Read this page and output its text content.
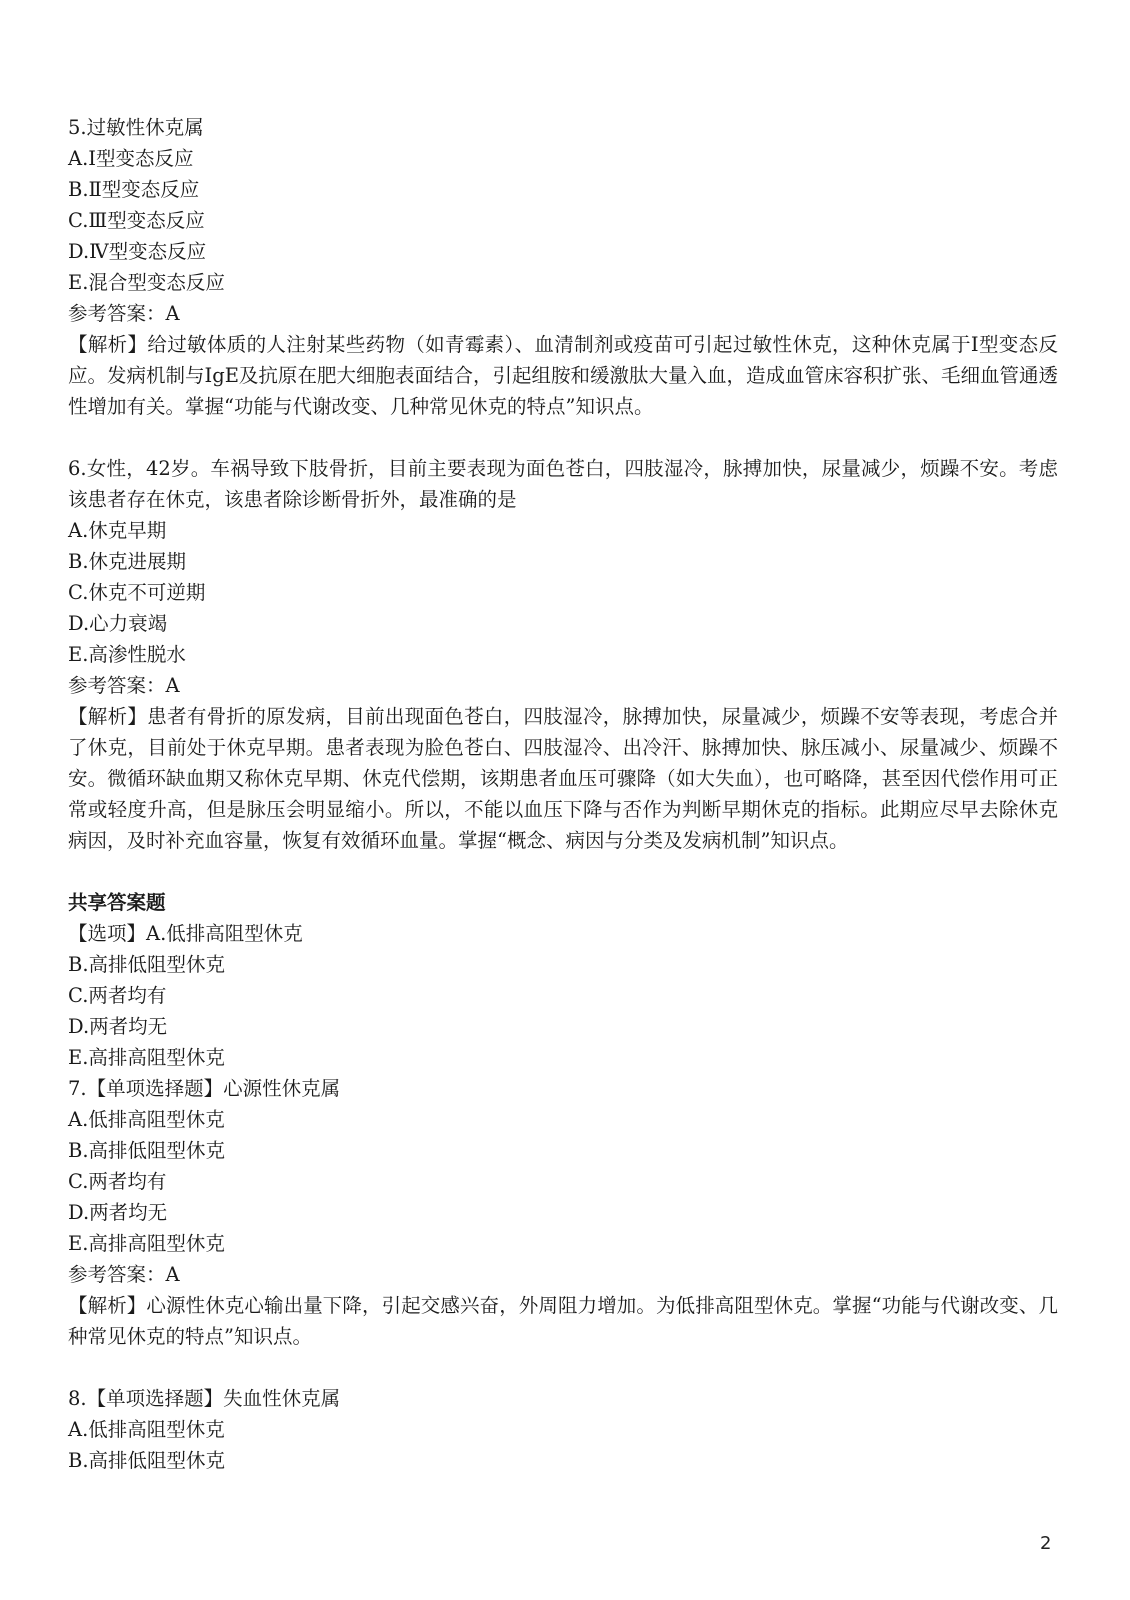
5.过敏性休克属

A.Ⅰ型变态反应

B.Ⅱ型变态反应

C.Ⅲ型变态反应

D.Ⅳ型变态反应

E.混合型变态反应

参考答案：A

【解析】给过敏体质的人注射某些药物（如青霉素）、血清制剂或疫苗可引起过敏性休克，这种休克属于Ⅰ型变态反应。发病机制与IgE及抗原在肥大细胞表面结合，引起组胺和缓激肽大量入血，造成血管床容积扩张、毛细血管通透性增加有关。掌握“功能与代谢改变、几种常见休克的特点”知识点。

6.女性，42岁。车祸导致下肢骨折，目前主要表现为面色苍白，四肢湿冷，脉搏加快，尿量减少，烦躁不安。考虑该患者存在休克，该患者除诊断骨折外，最准确的是

A.休克早期

B.休克进展期

C.休克不可逆期

D.心力衰竭

E.高渗性脱水

参考答案：A

【解析】患者有骨折的原发病，目前出现面色苍白，四肢湿冷，脉搏加快，尿量减少，烦躁不安等表现，考虑合并了休克，目前处于休克早期。患者表现为脸色苍白、四肢湿冷、出冷汗、脉搏加快、脉压减小、尿量减少、烦躁不安。微循环缺血期又称休克早期、休克代偿期，该期患者血压可骤降（如大失血），也可略降，甚至因代偿作用可正常或轻度升高，但是脉压会明显缩小。所以，不能以血压下降与否作为判断早期休克的指标。此期应尽早去除休克病因，及时补充血容量，恢复有效循环血量。掌握“概念、病因与分类及发病机制”知识点。

共享答案题

【选项】A.低排高阻型休克

B.高排低阻型休克

C.两者均有

D.两者均无

E.高排高阻型休克

7.【单项选择题】心源性休克属

A.低排高阻型休克

B.高排低阻型休克

C.两者均有

D.两者均无

E.高排高阻型休克

参考答案：A

【解析】心源性休克心输出量下降，引起交感兴奋，外周阻力增加。为低排高阻型休克。掌握“功能与代谢改变、几种常见休克的特点”知识点。

8.【单项选择题】失血性休克属

A.低排高阻型休克

B.高排低阻型休克

2
